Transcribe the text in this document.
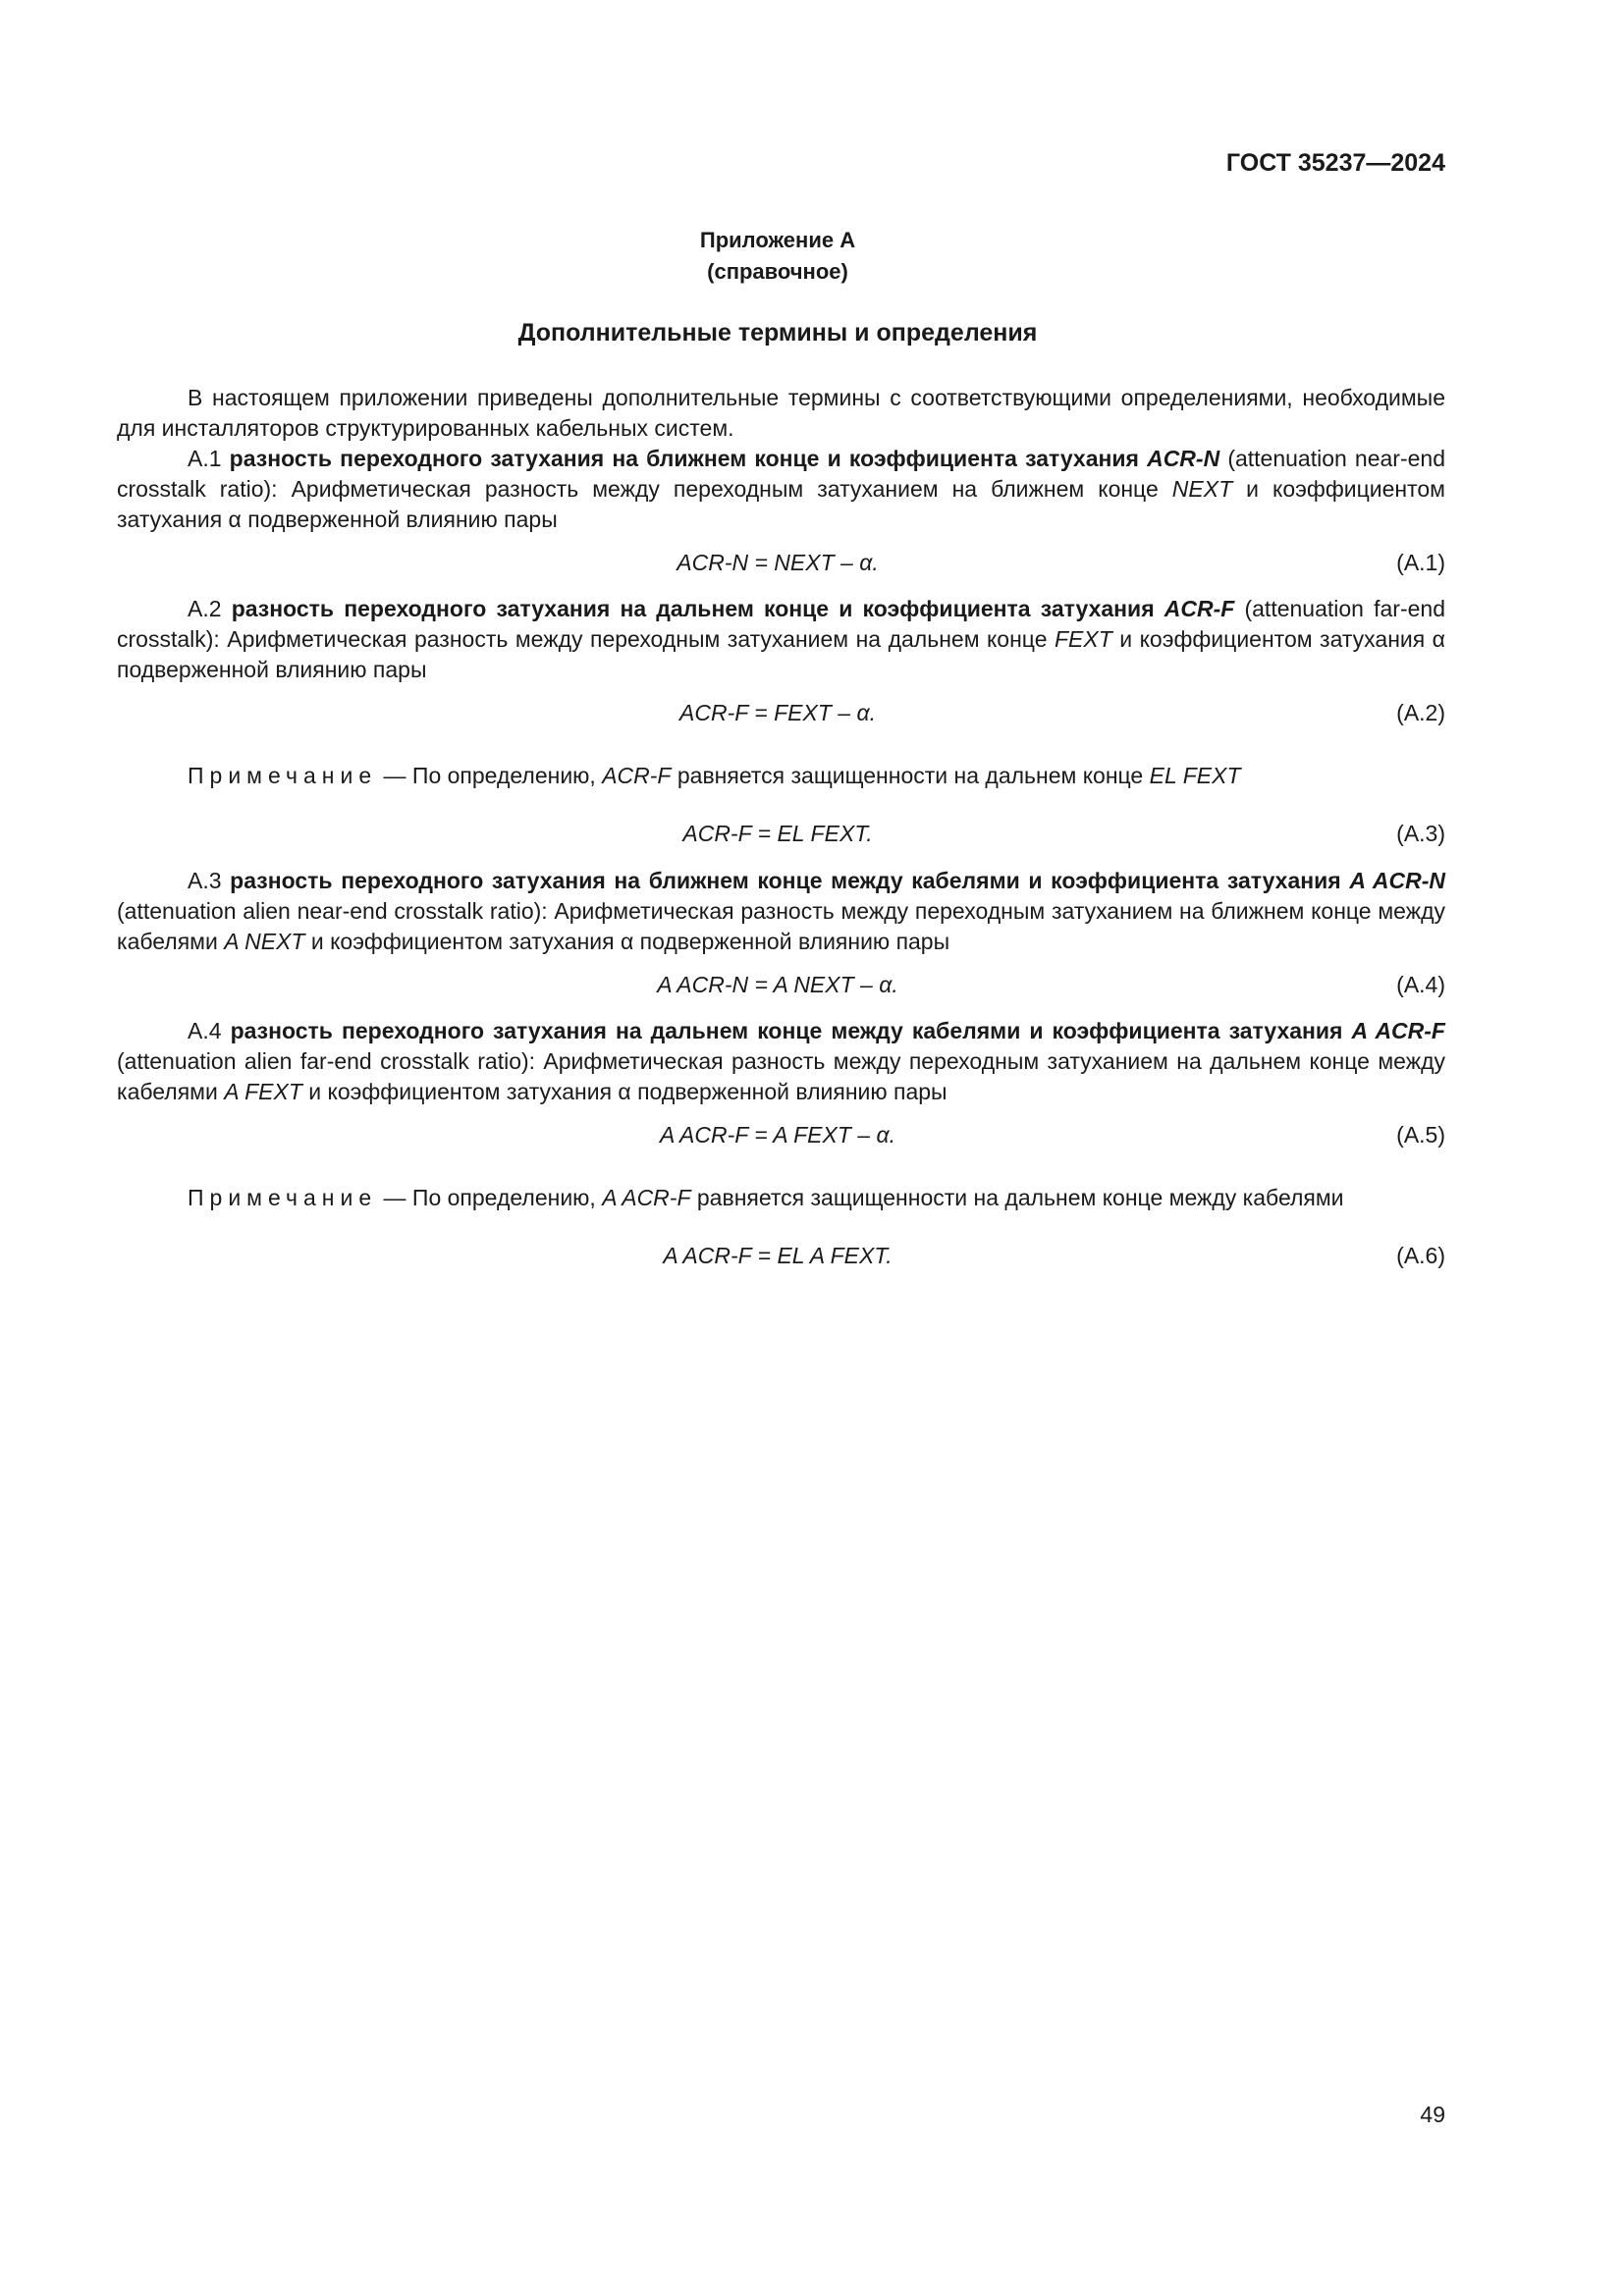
ГОСТ 35237—2024
Приложение А
(справочное)
Дополнительные термины и определения
В настоящем приложении приведены дополнительные термины с соответствующими определениями, необходимые для инсталляторов структурированных кабельных систем.
А.1 разность переходного затухания на ближнем конце и коэффициента затухания ACR-N (attenuation near-end crosstalk ratio): Арифметическая разность между переходным затуханием на ближнем конце NEXT и коэффициентом затухания α подверженной влиянию пары
ACR-N = NEXT – α.	(А.1)
А.2 разность переходного затухания на дальнем конце и коэффициента затухания ACR-F (attenuation far-end crosstalk): Арифметическая разность между переходным затуханием на дальнем конце FEXT и коэффициентом затухания α подверженной влиянию пары
ACR-F = FEXT – α.	(А.2)
Примечание — По определению, ACR-F равняется защищенности на дальнем конце EL FEXT
ACR-F = EL FEXT.	(А.3)
А.3 разность переходного затухания на ближнем конце между кабелями и коэффициента затухания A ACR-N (attenuation alien near-end crosstalk ratio): Арифметическая разность между переходным затуханием на ближнем конце между кабелями A NEXT и коэффициентом затухания α подверженной влиянию пары
A ACR-N = A NEXT – α.	(А.4)
А.4 разность переходного затухания на дальнем конце между кабелями и коэффициента затухания A ACR-F (attenuation alien far-end crosstalk ratio): Арифметическая разность между переходным затуханием на дальнем конце между кабелями A FEXT и коэффициентом затухания α подверженной влиянию пары
A ACR-F = A FEXT – α.	(А.5)
Примечание — По определению, A ACR-F равняется защищенности на дальнем конце между кабелями
A ACR-F = EL A FEXT.	(А.6)
49
